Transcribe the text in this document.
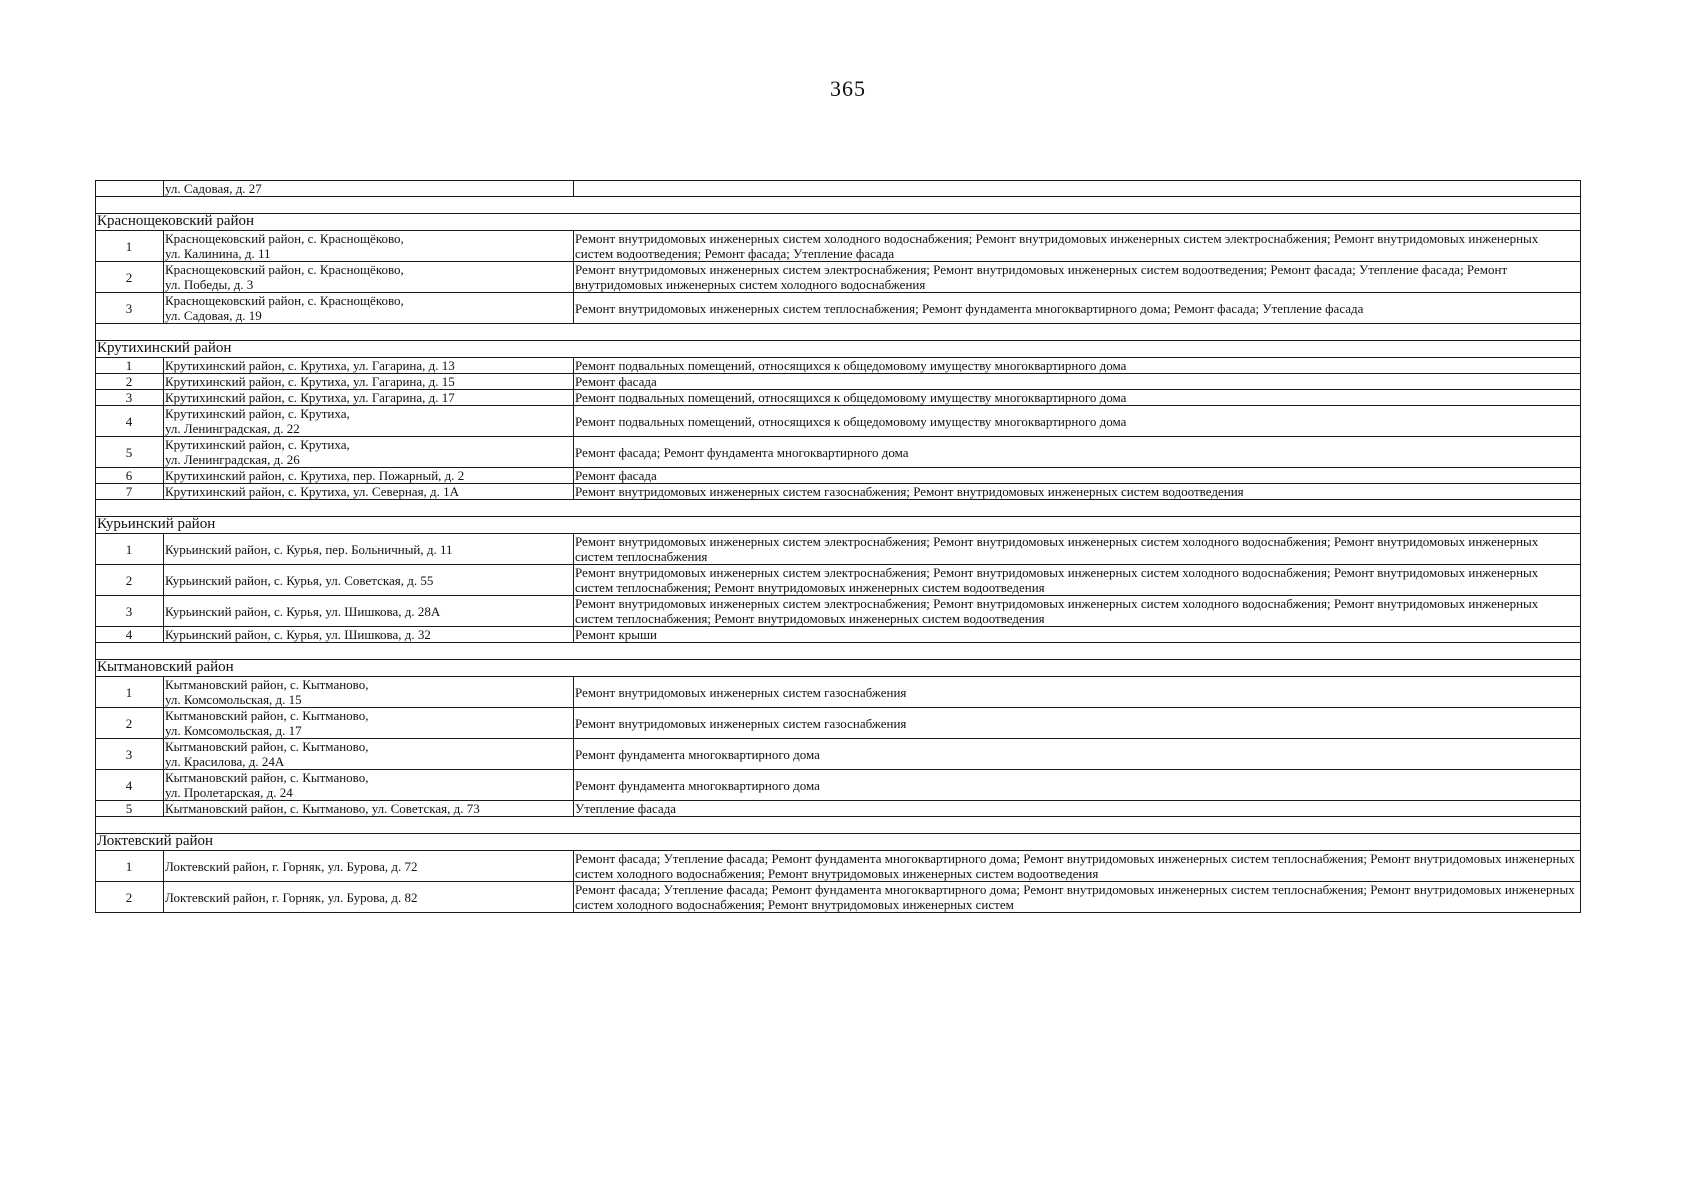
365
	ул. Садовая, д. 27	

Краснощековский район		
1	Краснощековский район, с. Краснощёково,
ул. Калинина, д. 11	Ремонт внутридомовых инженерных систем холодного водоснабжения; Ремонт внутридомовых инженерных систем электроснабжения; Ремонт внутридомовых инженерных систем водоотведения; Ремонт фасада; Утепление фасада
2	Краснощековский район, с. Краснощёково,
ул. Победы, д. 3	Ремонт внутридомовых инженерных систем электроснабжения; Ремонт внутридомовых инженерных систем водоотведения; Ремонт фасада; Утепление фасада; Ремонт внутридомовых инженерных систем холодного водоснабжения
3	Краснощековский район, с. Краснощёково,
ул. Садовая, д. 19	Ремонт внутридомовых инженерных систем теплоснабжения; Ремонт фундамента многоквартирного дома; Ремонт фасада; Утепление фасада

Крутихинский район		
1	Крутихинский район, с. Крутиха, ул. Гагарина, д. 13	Ремонт подвальных помещений, относящихся к общедомовому имуществу многоквартирного дома
2	Крутихинский район, с. Крутиха, ул. Гагарина, д. 15	Ремонт фасада
3	Крутихинский район, с. Крутиха, ул. Гагарина, д. 17	Ремонт подвальных помещений, относящихся к общедомовому имуществу многоквартирного дома
4	Крутихинский район, с. Крутиха,
ул. Ленинградская, д. 22	Ремонт подвальных помещений, относящихся к общедомовому имуществу многоквартирного дома
5	Крутихинский район, с. Крутиха,
ул. Ленинградская, д. 26	Ремонт фасада; Ремонт фундамента многоквартирного дома
6	Крутихинский район, с. Крутиха, пер. Пожарный, д. 2	Ремонт фасада
7	Крутихинский район, с. Крутиха, ул. Северная, д. 1А	Ремонт внутридомовых инженерных систем газоснабжения; Ремонт внутридомовых инженерных систем водоотведения

Курьинский район		
1	Курьинский район, с. Курья, пер. Больничный, д. 11	Ремонт внутридомовых инженерных систем электроснабжения; Ремонт внутридомовых инженерных систем холодного водоснабжения; Ремонт внутридомовых инженерных систем теплоснабжения
2	Курьинский район, с. Курья, ул. Советская, д. 55	Ремонт внутридомовых инженерных систем электроснабжения; Ремонт внутридомовых инженерных систем холодного водоснабжения; Ремонт внутридомовых инженерных систем теплоснабжения; Ремонт внутридомовых инженерных систем водоотведения
3	Курьинский район, с. Курья, ул. Шишкова, д. 28А	Ремонт внутридомовых инженерных систем электроснабжения; Ремонт внутридомовых инженерных систем холодного водоснабжения; Ремонт внутридомовых инженерных систем теплоснабжения; Ремонт внутридомовых инженерных систем водоотведения
4	Курьинский район, с. Курья, ул. Шишкова, д. 32	Ремонт крыши

Кытмановский район		
1	Кытмановский район, с. Кытманово,
ул. Комсомольская, д. 15	Ремонт внутридомовых инженерных систем газоснабжения
2	Кытмановский район, с. Кытманово,
ул. Комсомольская, д. 17	Ремонт внутридомовых инженерных систем газоснабжения
3	Кытмановский район, с. Кытманово,
ул. Красилова, д. 24А	Ремонт фундамента многоквартирного дома
4	Кытмановский район, с. Кытманово,
ул. Пролетарская, д. 24	Ремонт фундамента многоквартирного дома
5	Кытмановский район, с. Кытманово, ул. Советская, д. 73	Утепление фасада

Локтевский район		
1	Локтевский район, г. Горняк, ул. Бурова, д. 72	Ремонт фасада; Утепление фасада; Ремонт фундамента многоквартирного дома; Ремонт внутридомовых инженерных систем теплоснабжения; Ремонт внутридомовых инженерных систем холодного водоснабжения; Ремонт внутридомовых инженерных систем водоотведения
2	Локтевский район, г. Горняк, ул. Бурова, д. 82	Ремонт фасада; Утепление фасада; Ремонт фундамента многоквартирного дома; Ремонт внутридомовых инженерных систем теплоснабжения; Ремонт внутридомовых инженерных систем холодного водоснабжения; Ремонт внутридомовых инженерных систем
